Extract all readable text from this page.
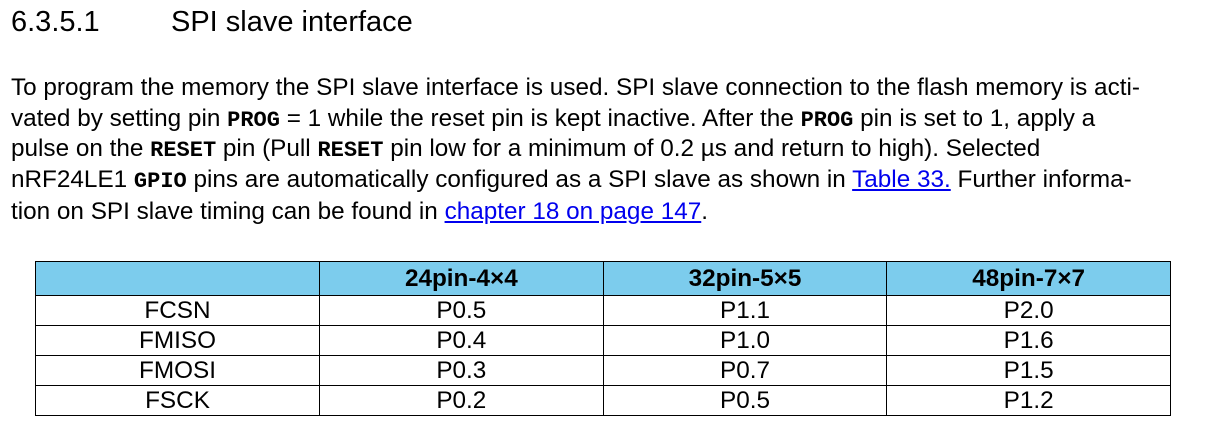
6.3.5.1 SPI slave interface
To program the memory the SPI slave interface is used. SPI slave connection to the flash memory is acti-
vated by setting pin PROG = 1 while the reset pin is kept inactive. After the PROG pin is set to 1, apply a
pulse on the RESET pin (Pull RESET pin low for a minimum of 0.2 µs and return to high). Selected
nRF24LE1 GPIO pins are automatically configured as a SPI slave as shown in Table 33. Further informa-
tion on SPI slave timing can be found in chapter 18 on page 147.
	24pin-4×4	32pin-5×5	48pin-7×7
FCSN	P0.5	P1.1	P2.0
FMISO	P0.4	P1.0	P1.6
FMOSI	P0.3	P0.7	P1.5
FSCK	P0.2	P0.5	P1.2
